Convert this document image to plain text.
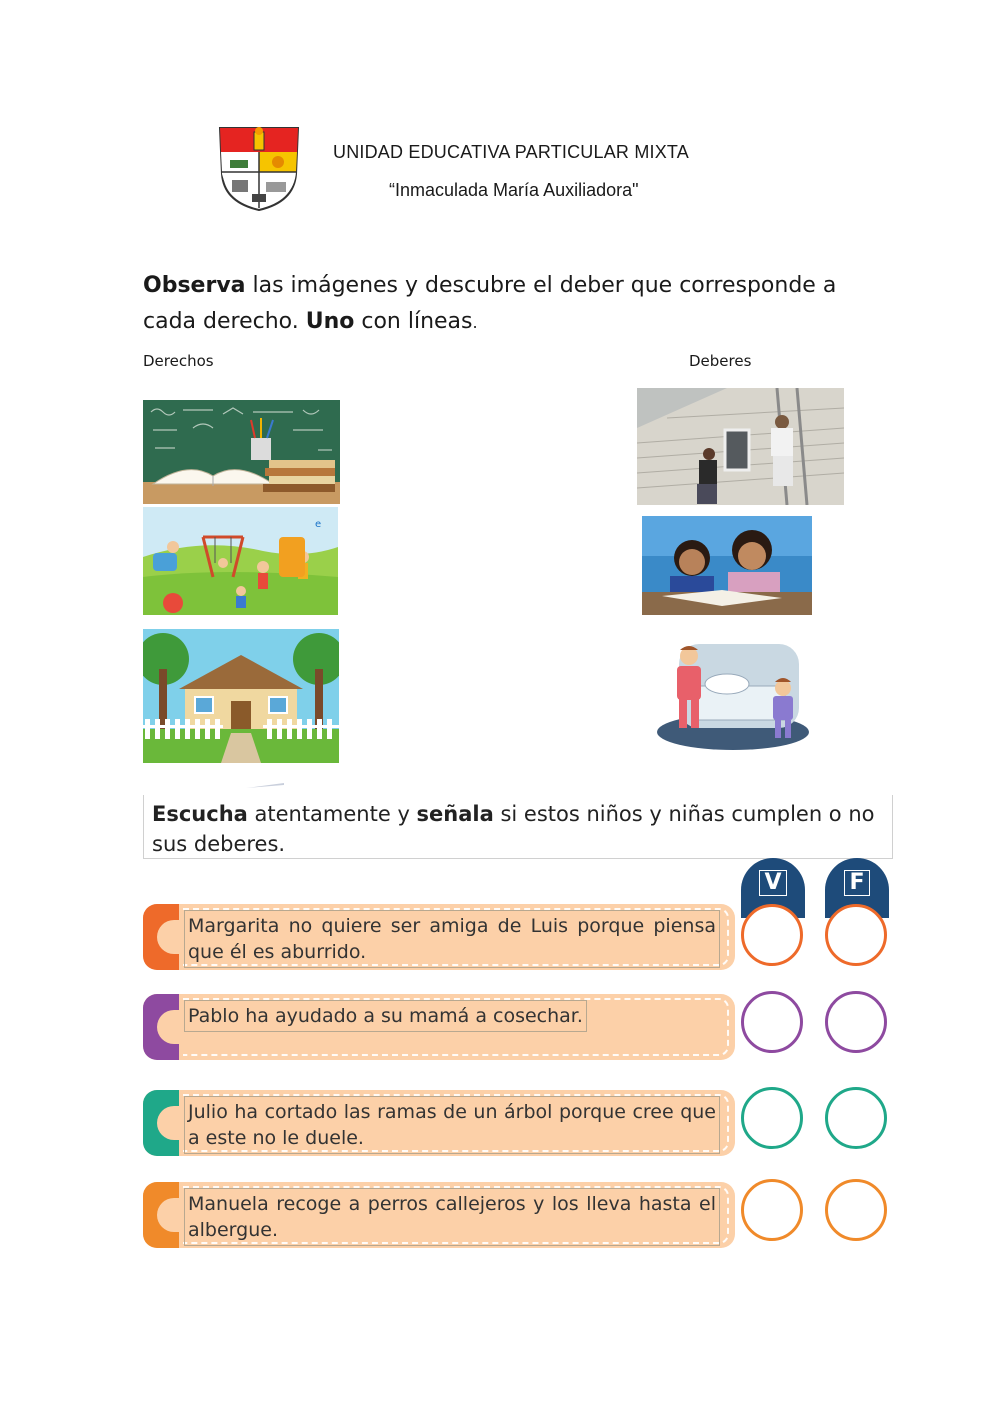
UNIDAD EDUCATIVA PARTICULAR MIXTA
“Inmaculada María Auxiliadora"
Observa las imágenes y descubre el deber que corresponde a cada derecho. Uno con líneas.
Derechos	Deberes
e
Escucha atentamente y señala si estos niños y niñas cumplen o no sus deberes.
V	F
Margarita no quiere ser amiga de Luis porque piensa que él es aburrido.
Pablo ha ayudado a su mamá a cosechar.
Julio ha cortado las ramas de un árbol porque cree que a este no le duele.
Manuela recoge a perros callejeros y los lleva hasta el albergue.
